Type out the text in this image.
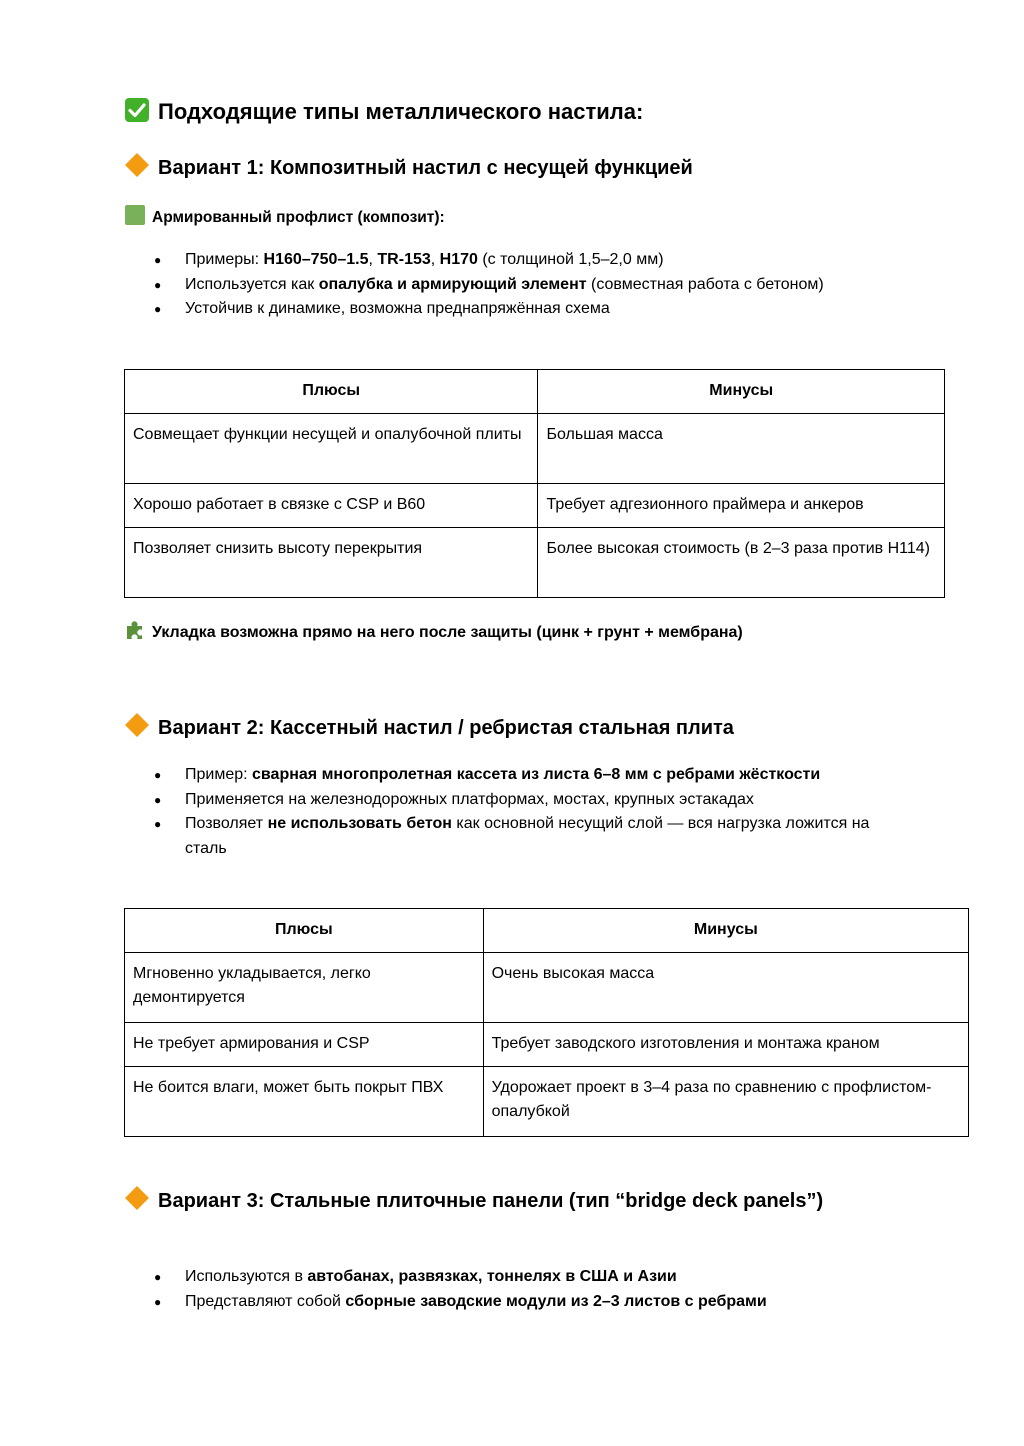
Подходящие типы металлического настила:
Вариант 1: Композитный настил с несущей функцией
Армированный профлист (композит):
● Примеры: H160–750–1.5, TR-153, H170 (с толщиной 1,5–2,0 мм)
● Используется как опалубка и армирующий элемент (совместная работа с бетоном)
● Устойчив к динамике, возможна преднапряжённая схема
Плюсы	Минусы
Совмещает функции несущей и опалубочной плиты	Большая масса
Хорошо работает в связке с CSP и B60	Требует адгезионного праймера и анкеров
Позволяет снизить высоту перекрытия	Более высокая стоимость (в 2–3 раза против H114)
Укладка возможна прямо на него после защиты (цинк + грунт + мембрана)
Вариант 2: Кассетный настил / ребристая стальная плита
● Пример: сварная многопролетная кассета из листа 6–8 мм с ребрами жёсткости
● Применяется на железнодорожных платформах, мостах, крупных эстакадах
● Позволяет не использовать бетон как основной несущий слой — вся нагрузка ложится на сталь
Плюсы	Минусы
Мгновенно укладывается, легко демонтируется	Очень высокая масса
Не требует армирования и CSP	Требует заводского изготовления и монтажа краном
Не боится влаги, может быть покрыт ПВХ	Удорожает проект в 3–4 раза по сравнению с профлистом-опалубкой
Вариант 3: Стальные плиточные панели (тип “bridge deck panels”)
● Используются в автобанах, развязках, тоннелях в США и Азии
● Представляют собой сборные заводские модули из 2–3 листов с ребрами
